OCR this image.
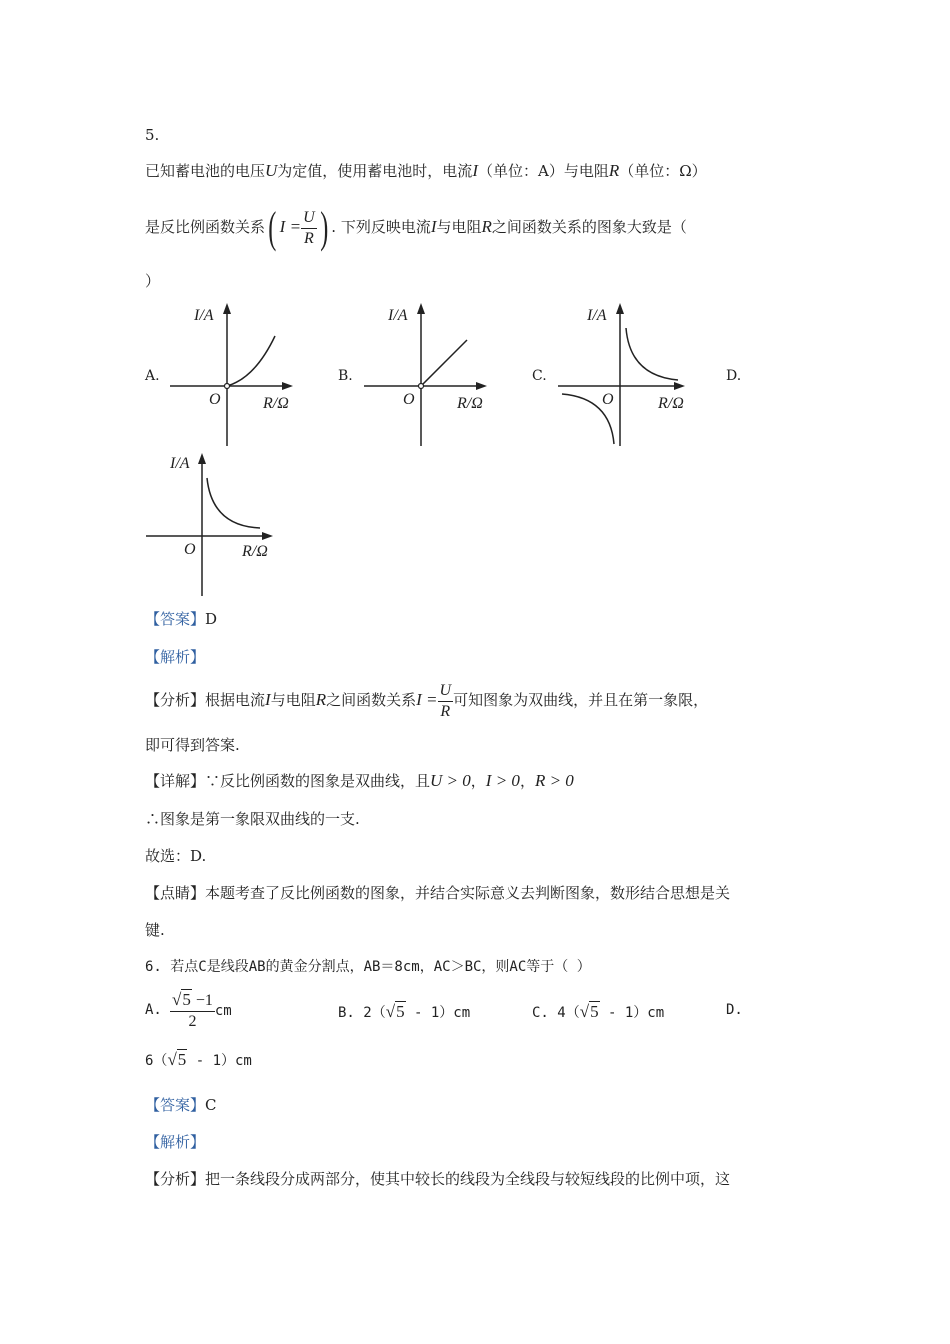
5.
已知蓄电池的电压U为定值，使用蓄电池时，电流I（单位：A）与电阻R（单位：Ω）
是反比例函数关系( $I = \frac{U}{R}$ ) . 下列反映电流I与电阻R之间函数关系的图象大致是（
）
A.	B.	C.	D.
I/A
O	R/Ω
I/A
O	R/Ω
I/A
O	R/Ω
I/A
O	R/Ω
【答案】D
【解析】
【分析】根据电流I与电阻R之间函数关系$I = \frac{U}{R}$ 可知图象为双曲线，并且在第一象限，
即可得到答案.
【详解】∵反比例函数的图象是双曲线，且U > 0，I > 0，R > 0
∴图象是第一象限双曲线的一支.
故选：D.
【点睛】本题考查了反比例函数的图象，并结合实际意义去判断图象，数形结合思想是关
键.
6. 若点C是线段AB的黄金分割点，AB＝8cm，AC＞BC，则AC等于（ ）
A. $\frac{√5 -1}{2}$ cm	B. 2（√5 - 1）cm	C. 4（√5 - 1）cm	D.
6（√5 - 1）cm
【答案】C
【解析】
【分析】把一条线段分成两部分，使其中较长的线段为全线段与较短线段的比例中项，这
